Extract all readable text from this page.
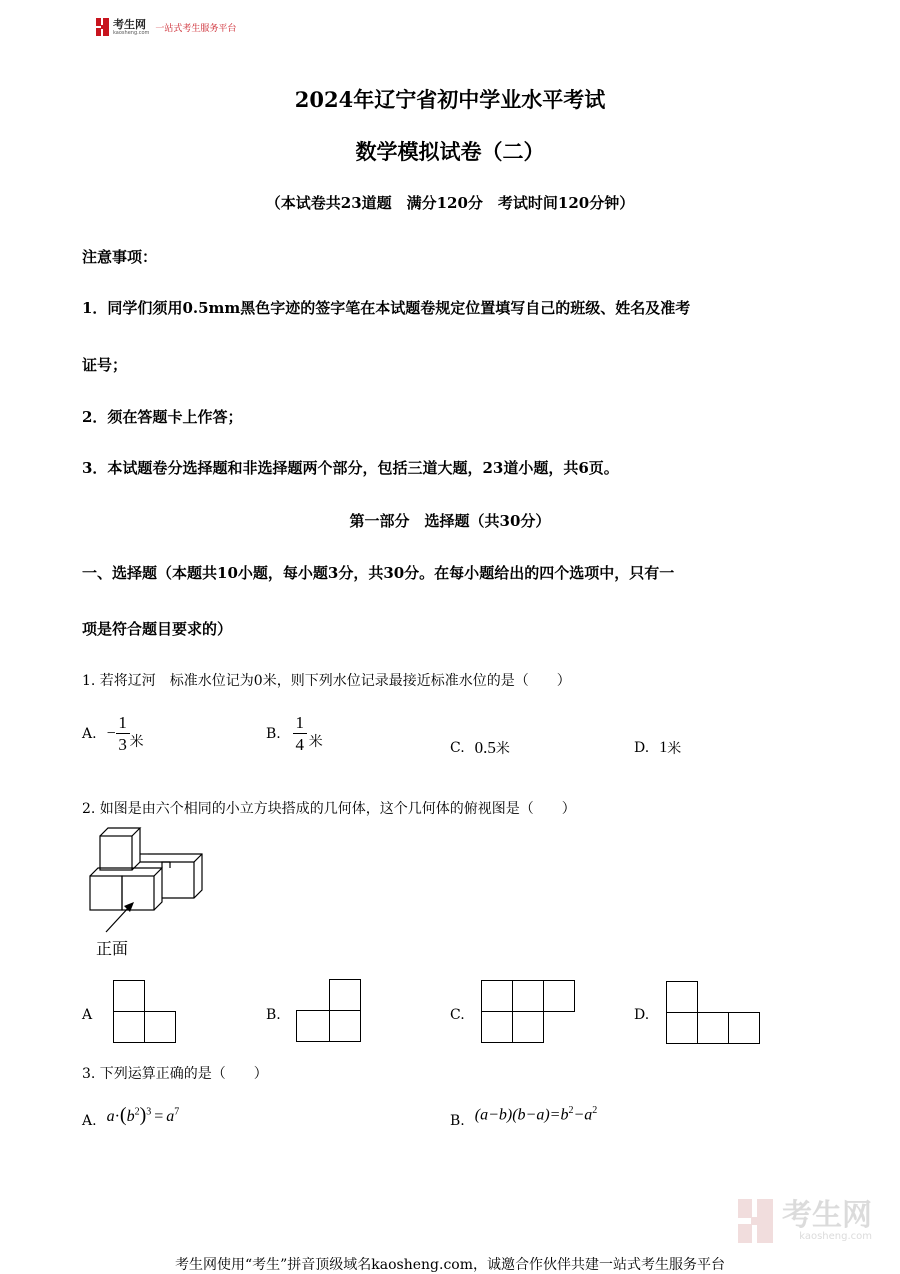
考生网
kaosheng.com 一站式考生服务平台
2024年辽宁省初中学业水平考试
数学模拟试卷（二）
（本试卷共23道题　满分120分　考试时间120分钟）
注意事项：
1．同学们须用0.5mm黑色字迹的签字笔在本试题卷规定位置填写自己的班级、姓名及准考
证号；
2．须在答题卡上作答；
3．本试题卷分选择题和非选择题两个部分，包括三道大题，23道小题，共6页。
第一部分　选择题（共30分）
一、选择题（本题共10小题，每小题3分，共30分。在每小题给出的四个选项中，只有一
项是符合题目要求的）
1. 若将辽河　标准水位记为0米，则下列水位记录最接近标准水位的是（　　）
A. − $\frac{1}{3}$ 米
B. $\frac{1}{4}$ 米	C. 0.5 米	D. 1 米
2. 如图是由六个相同的小立方块搭成的几何体，这个几何体的俯视图是（　　）
正面
A	B.	C.	D.
3. 下列运算正确的是（　　）
A. $a\cdot(b^2)^3 = a^7$
B. $(a-b)(b-a)=b^2-a^2$
考生网
kaosheng.com
考生网使用“考生”拼音顶级域名kaosheng.com，诚邀合作伙伴共建一站式考生服务平台
